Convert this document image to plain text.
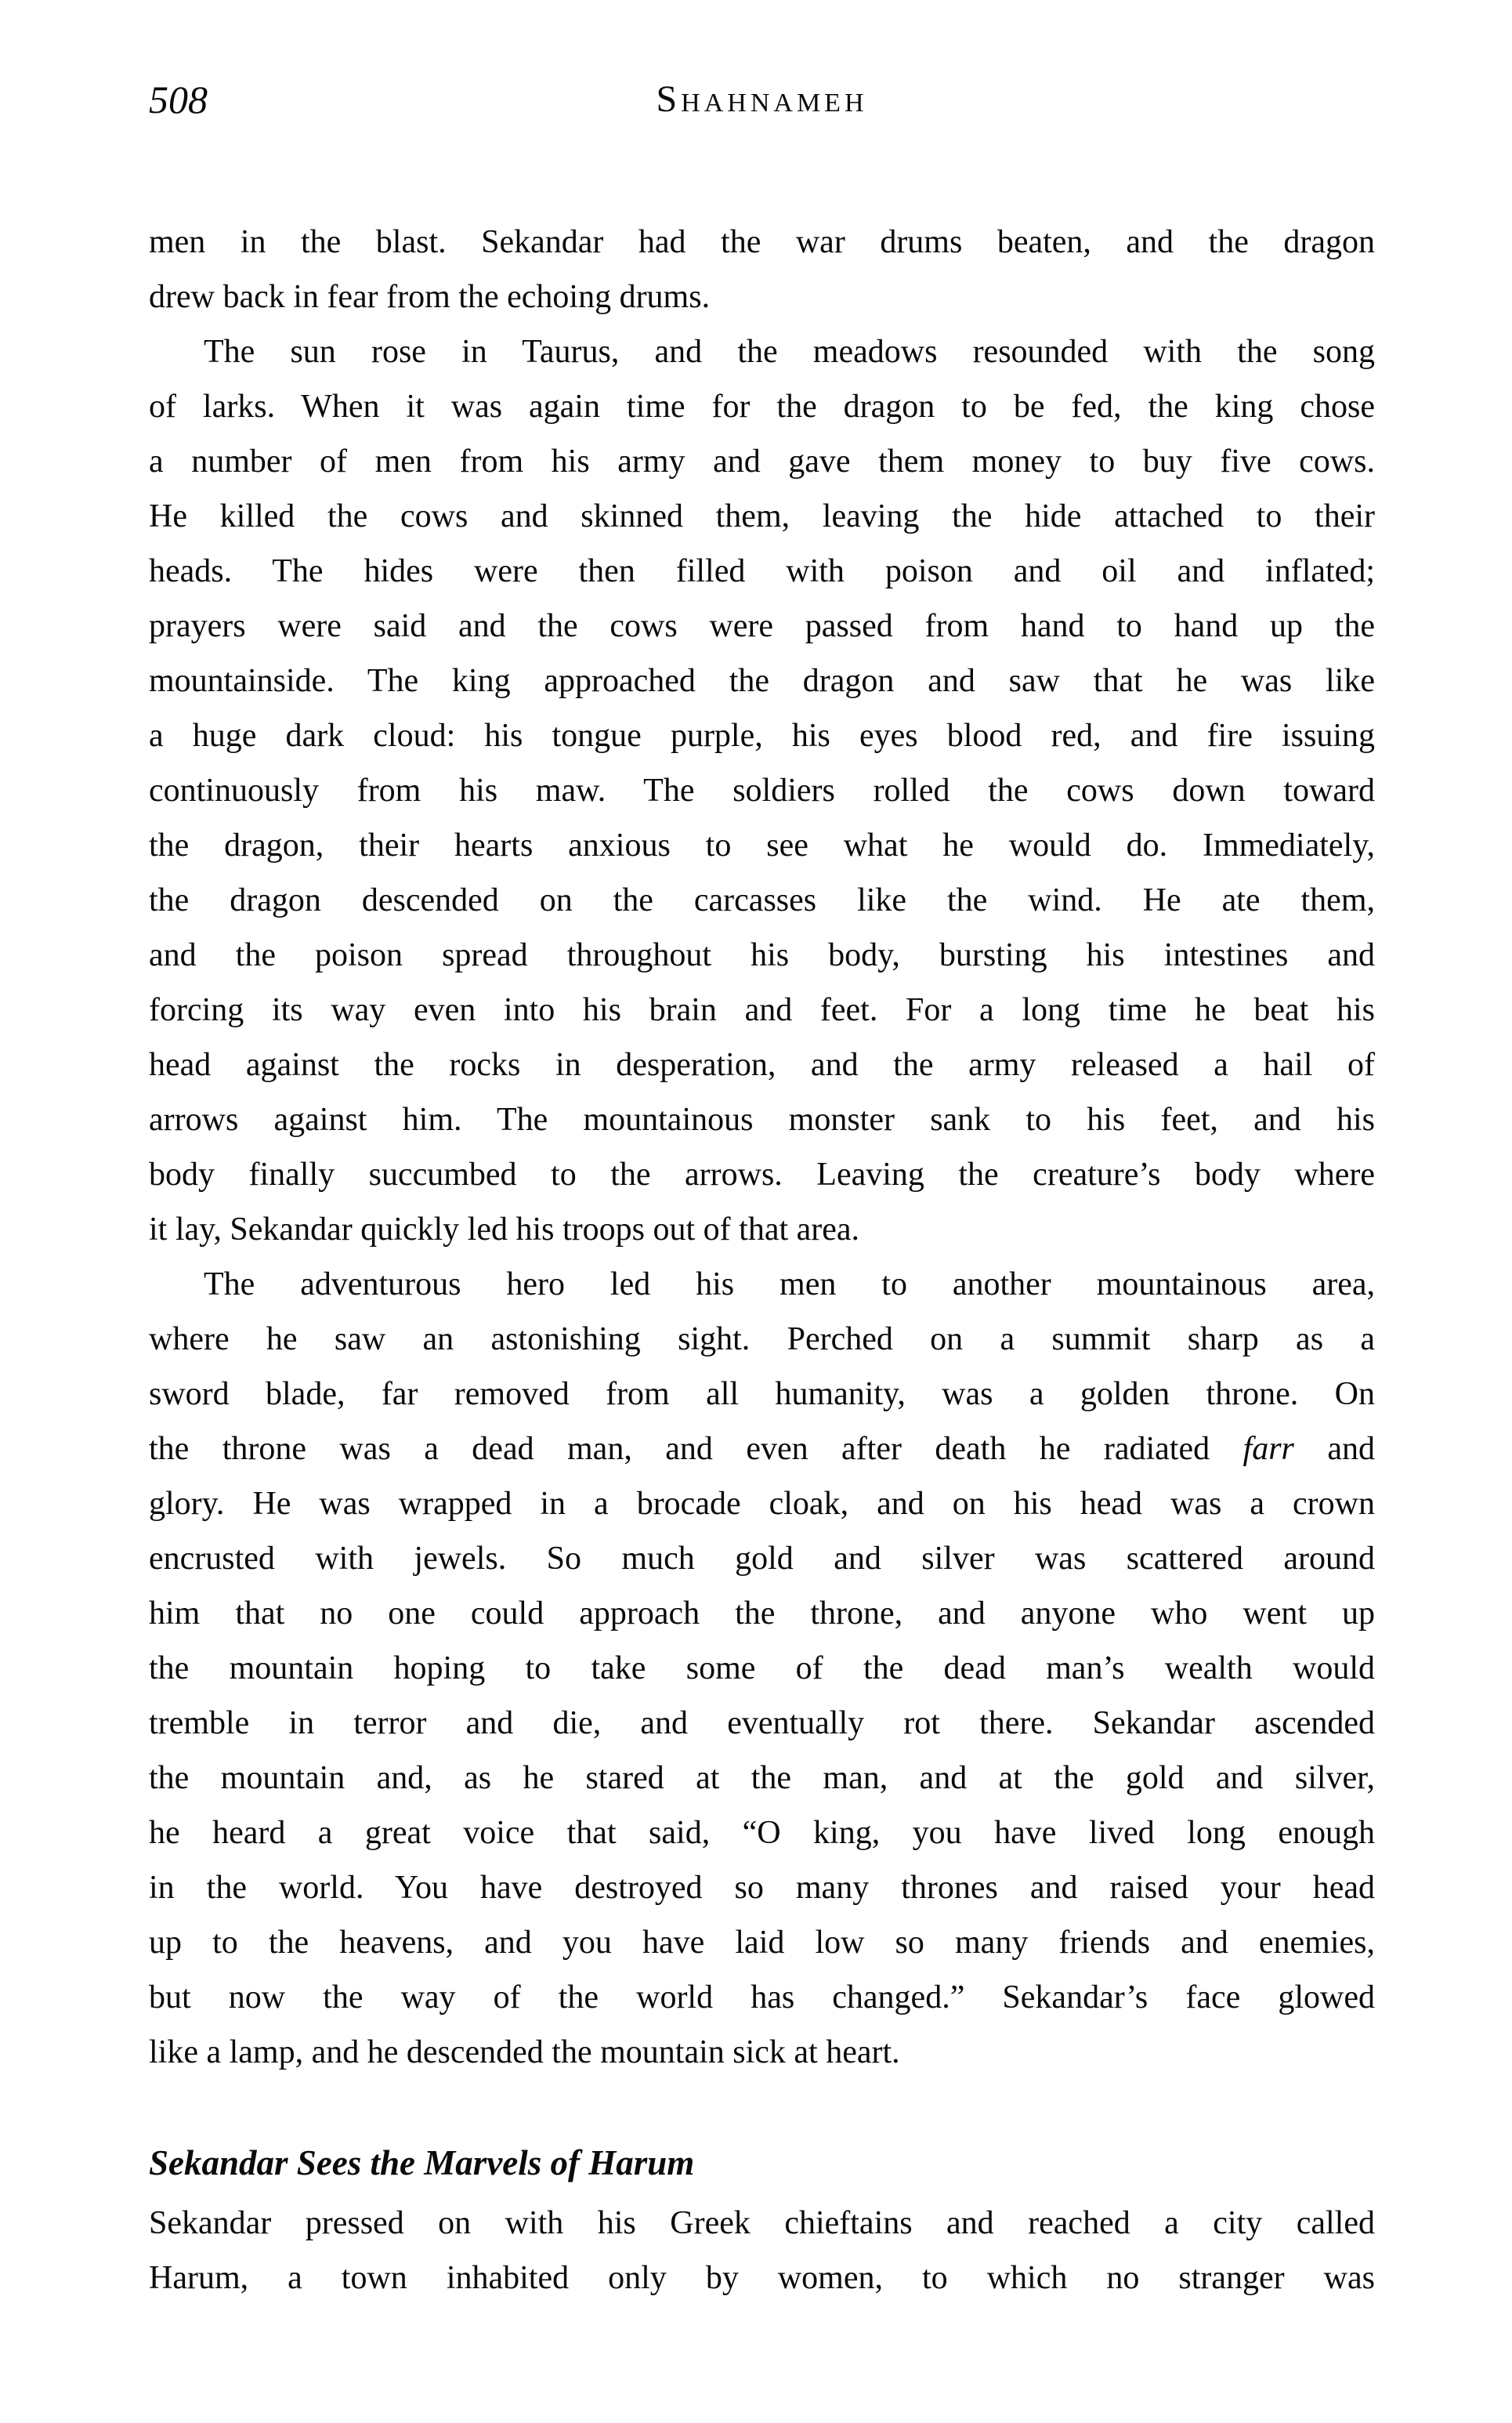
508	Shahnameh
men in the blast. Sekandar had the war drums beaten, and the dragon
drew back in fear from the echoing drums.
The sun rose in Taurus, and the meadows resounded with the song
of larks. When it was again time for the dragon to be fed, the king chose
a number of men from his army and gave them money to buy five cows.
He killed the cows and skinned them, leaving the hide attached to their
heads. The hides were then filled with poison and oil and inflated;
prayers were said and the cows were passed from hand to hand up the
mountainside. The king approached the dragon and saw that he was like
a huge dark cloud: his tongue purple, his eyes blood red, and fire issuing
continuously from his maw. The soldiers rolled the cows down toward
the dragon, their hearts anxious to see what he would do. Immediately,
the dragon descended on the carcasses like the wind. He ate them,
and the poison spread throughout his body, bursting his intestines and
forcing its way even into his brain and feet. For a long time he beat his
head against the rocks in desperation, and the army released a hail of
arrows against him. The mountainous monster sank to his feet, and his
body finally succumbed to the arrows. Leaving the creature’s body where
it lay, Sekandar quickly led his troops out of that area.
The adventurous hero led his men to another mountainous area,
where he saw an astonishing sight. Perched on a summit sharp as a
sword blade, far removed from all humanity, was a golden throne. On
the throne was a dead man, and even after death he radiated farr and
glory. He was wrapped in a brocade cloak, and on his head was a crown
encrusted with jewels. So much gold and silver was scattered around
him that no one could approach the throne, and anyone who went up
the mountain hoping to take some of the dead man’s wealth would
tremble in terror and die, and eventually rot there. Sekandar ascended
the mountain and, as he stared at the man, and at the gold and silver,
he heard a great voice that said, “O king, you have lived long enough
in the world. You have destroyed so many thrones and raised your head
up to the heavens, and you have laid low so many friends and enemies,
but now the way of the world has changed.” Sekandar’s face glowed
like a lamp, and he descended the mountain sick at heart.
Sekandar Sees the Marvels of Harum
Sekandar pressed on with his Greek chieftains and reached a city called
Harum, a town inhabited only by women, to which no stranger was
